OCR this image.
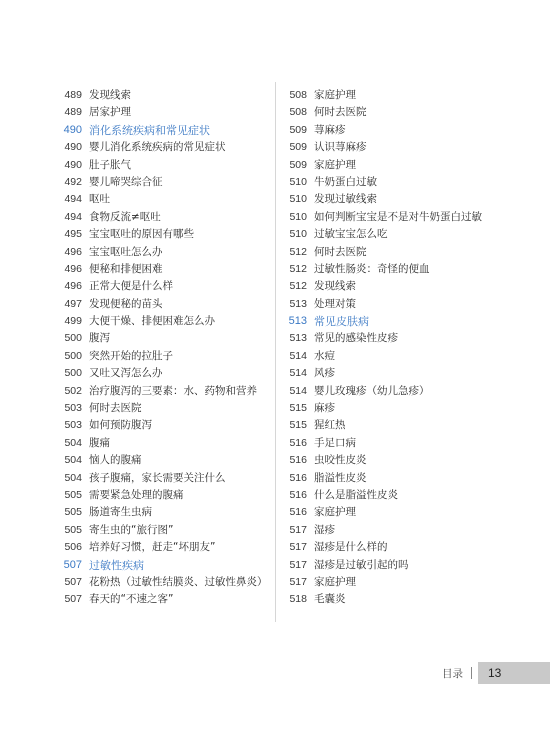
489 发现线索
489 居家护理
490 消化系统疾病和常见症状
490 婴儿消化系统疾病的常见症状
490 肚子胀气
492 婴儿啼哭综合征
494 呕吐
494 食物反流≠呕吐
495 宝宝呕吐的原因有哪些
496 宝宝呕吐怎么办
496 便秘和排便困难
496 正常大便是什么样
497 发现便秘的苗头
499 大便干燥、排便困难怎么办
500 腹泻
500 突然开始的拉肚子
500 又吐又泻怎么办
502 治疗腹泻的三要素：水、药物和营养
503 何时去医院
503 如何预防腹泻
504 腹痛
504 恼人的腹痛
504 孩子腹痛，家长需要关注什么
505 需要紧急处理的腹痛
505 肠道寄生虫病
505 寄生虫的“旅行图”
506 培养好习惯，赶走“坏朋友”
507 过敏性疾病
507 花粉热（过敏性结膜炎、过敏性鼻炎）
507 春天的“不速之客”
508 家庭护理
508 何时去医院
509 荨麻疹
509 认识荨麻疹
509 家庭护理
510 牛奶蛋白过敏
510 发现过敏线索
510 如何判断宝宝是不是对牛奶蛋白过敏
510 过敏宝宝怎么吃
512 何时去医院
512 过敏性肠炎：奇怪的便血
512 发现线索
513 处理对策
513 常见皮肤病
513 常见的感染性皮疹
514 水痘
514 风疹
514 婴儿玫瑰疹（幼儿急疹）
515 麻疹
515 猩红热
516 手足口病
516 虫咬性皮炎
516 脂溢性皮炎
516 什么是脂溢性皮炎
516 家庭护理
517 湿疹
517 湿疹是什么样的
517 湿疹是过敏引起的吗
517 家庭护理
518 毛囊炎
目录	13
